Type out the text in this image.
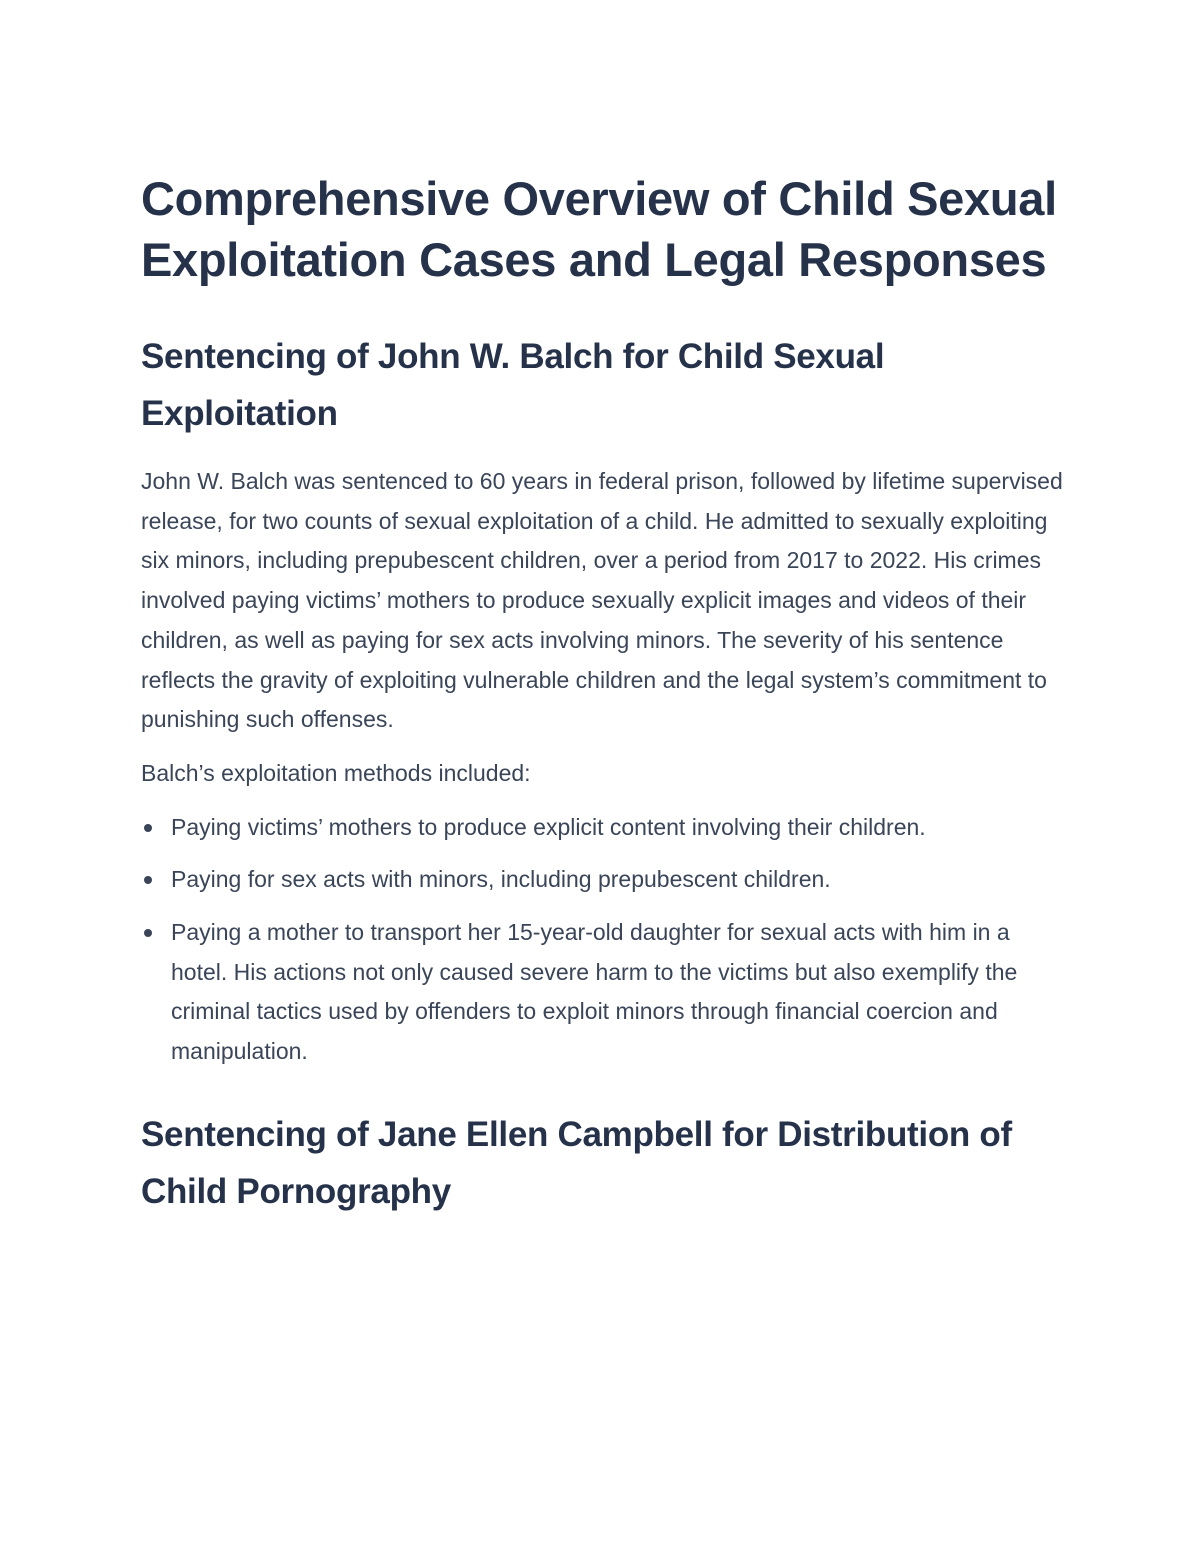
Comprehensive Overview of Child Sexual Exploitation Cases and Legal Responses
Sentencing of John W. Balch for Child Sexual Exploitation

John W. Balch was sentenced to 60 years in federal prison, followed by lifetime supervised release, for two counts of sexual exploitation of a child. He admitted to sexually exploiting six minors, including prepubescent children, over a period from 2017 to 2022. His crimes involved paying victims’ mothers to produce sexually explicit images and videos of their children, as well as paying for sex acts involving minors. The severity of his sentence reflects the gravity of exploiting vulnerable children and the legal system’s commitment to punishing such offenses.

Balch’s exploitation methods included:

Paying victims’ mothers to produce explicit content involving their children.
Paying for sex acts with minors, including prepubescent children.
Paying a mother to transport her 15-year-old daughter for sexual acts with him in a hotel. His actions not only caused severe harm to the victims but also exemplify the criminal tactics used by offenders to exploit minors through financial coercion and manipulation.
Sentencing of Jane Ellen Campbell for Distribution of Child Pornography
